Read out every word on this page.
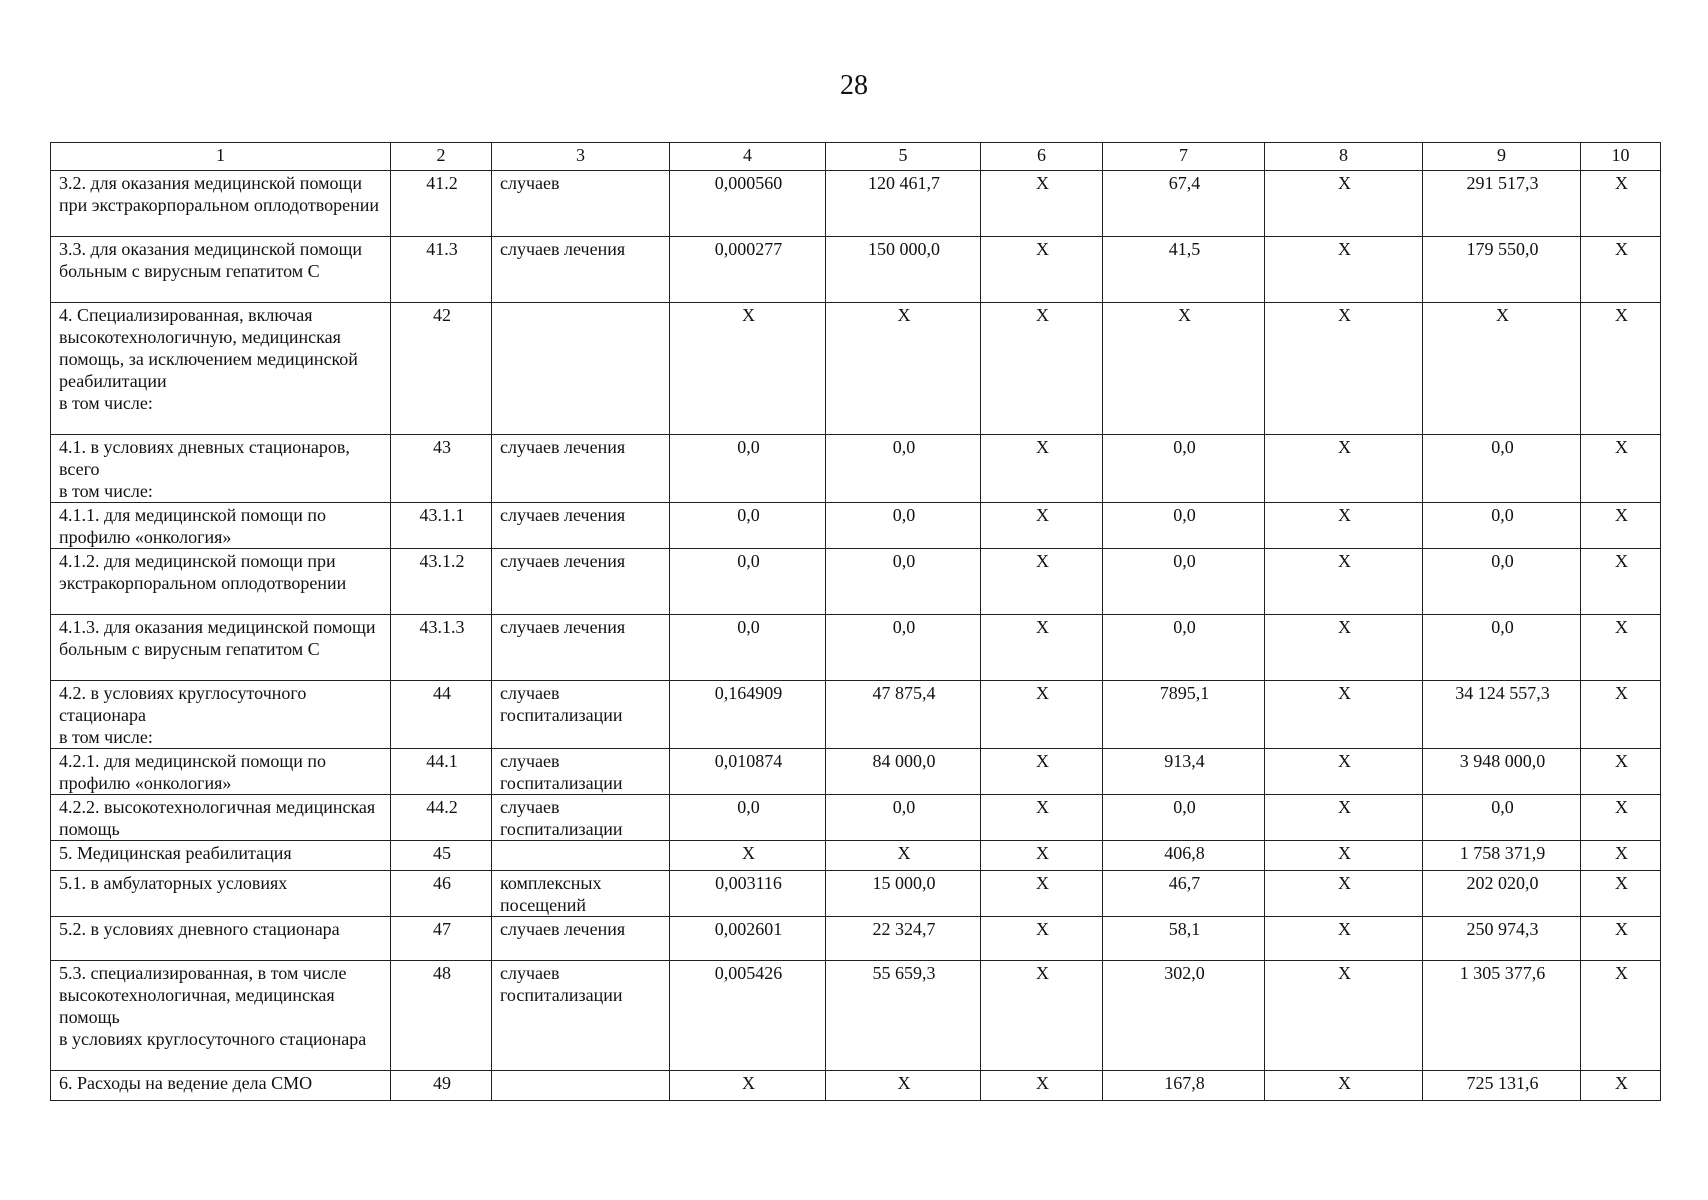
28
1	2	3	4	5	6	7	8	9	10
3.2. для оказания медицинской помощи при экстракорпоральном оплодотворении	41.2	случаев	0,000560	120 461,7	Х	67,4	Х	291 517,3	Х
3.3. для оказания медицинской помощи больным с вирусным гепатитом С	41.3	случаев лечения	0,000277	150 000,0	Х	41,5	Х	179 550,0	Х
4. Специализированная, включая высокотехнологичную, медицинская помощь, за исключением медицинской реабилитации
в том числе:	42		Х	Х	Х	Х	Х	Х	Х
4.1. в условиях дневных стационаров, всего
в том числе:	43	случаев лечения	0,0	0,0	Х	0,0	Х	0,0	Х
4.1.1. для медицинской помощи по профилю «онкология»	43.1.1	случаев лечения	0,0	0,0	Х	0,0	Х	0,0	Х
4.1.2. для медицинской помощи при экстракорпоральном оплодотворении	43.1.2	случаев лечения	0,0	0,0	Х	0,0	Х	0,0	Х
4.1.3. для оказания медицинской помощи больным с вирусным гепатитом С	43.1.3	случаев лечения	0,0	0,0	Х	0,0	Х	0,0	Х
4.2. в условиях круглосуточного стационара
в том числе:	44	случаев госпитализации	0,164909	47 875,4	Х	7895,1	Х	34 124 557,3	Х
4.2.1. для медицинской помощи по профилю «онкология»	44.1	случаев госпитализации	0,010874	84 000,0	Х	913,4	Х	3 948 000,0	Х
4.2.2. высокотехнологичная медицинская помощь	44.2	случаев госпитализации	0,0	0,0	Х	0,0	Х	0,0	Х
5. Медицинская реабилитация	45		Х	Х	Х	406,8	Х	1 758 371,9	Х
5.1. в амбулаторных условиях	46	комплексных посещений	0,003116	15 000,0	Х	46,7	Х	202 020,0	Х
5.2. в условиях дневного стационара	47	случаев лечения	0,002601	22 324,7	Х	58,1	Х	250 974,3	Х
5.3. специализированная, в том числе высокотехнологичная, медицинская помощь
в условиях круглосуточного стационара	48	случаев госпитализации	0,005426	55 659,3	Х	302,0	Х	1 305 377,6	Х
6. Расходы на ведение дела СМО	49		Х	Х	Х	167,8	Х	725 131,6	Х
